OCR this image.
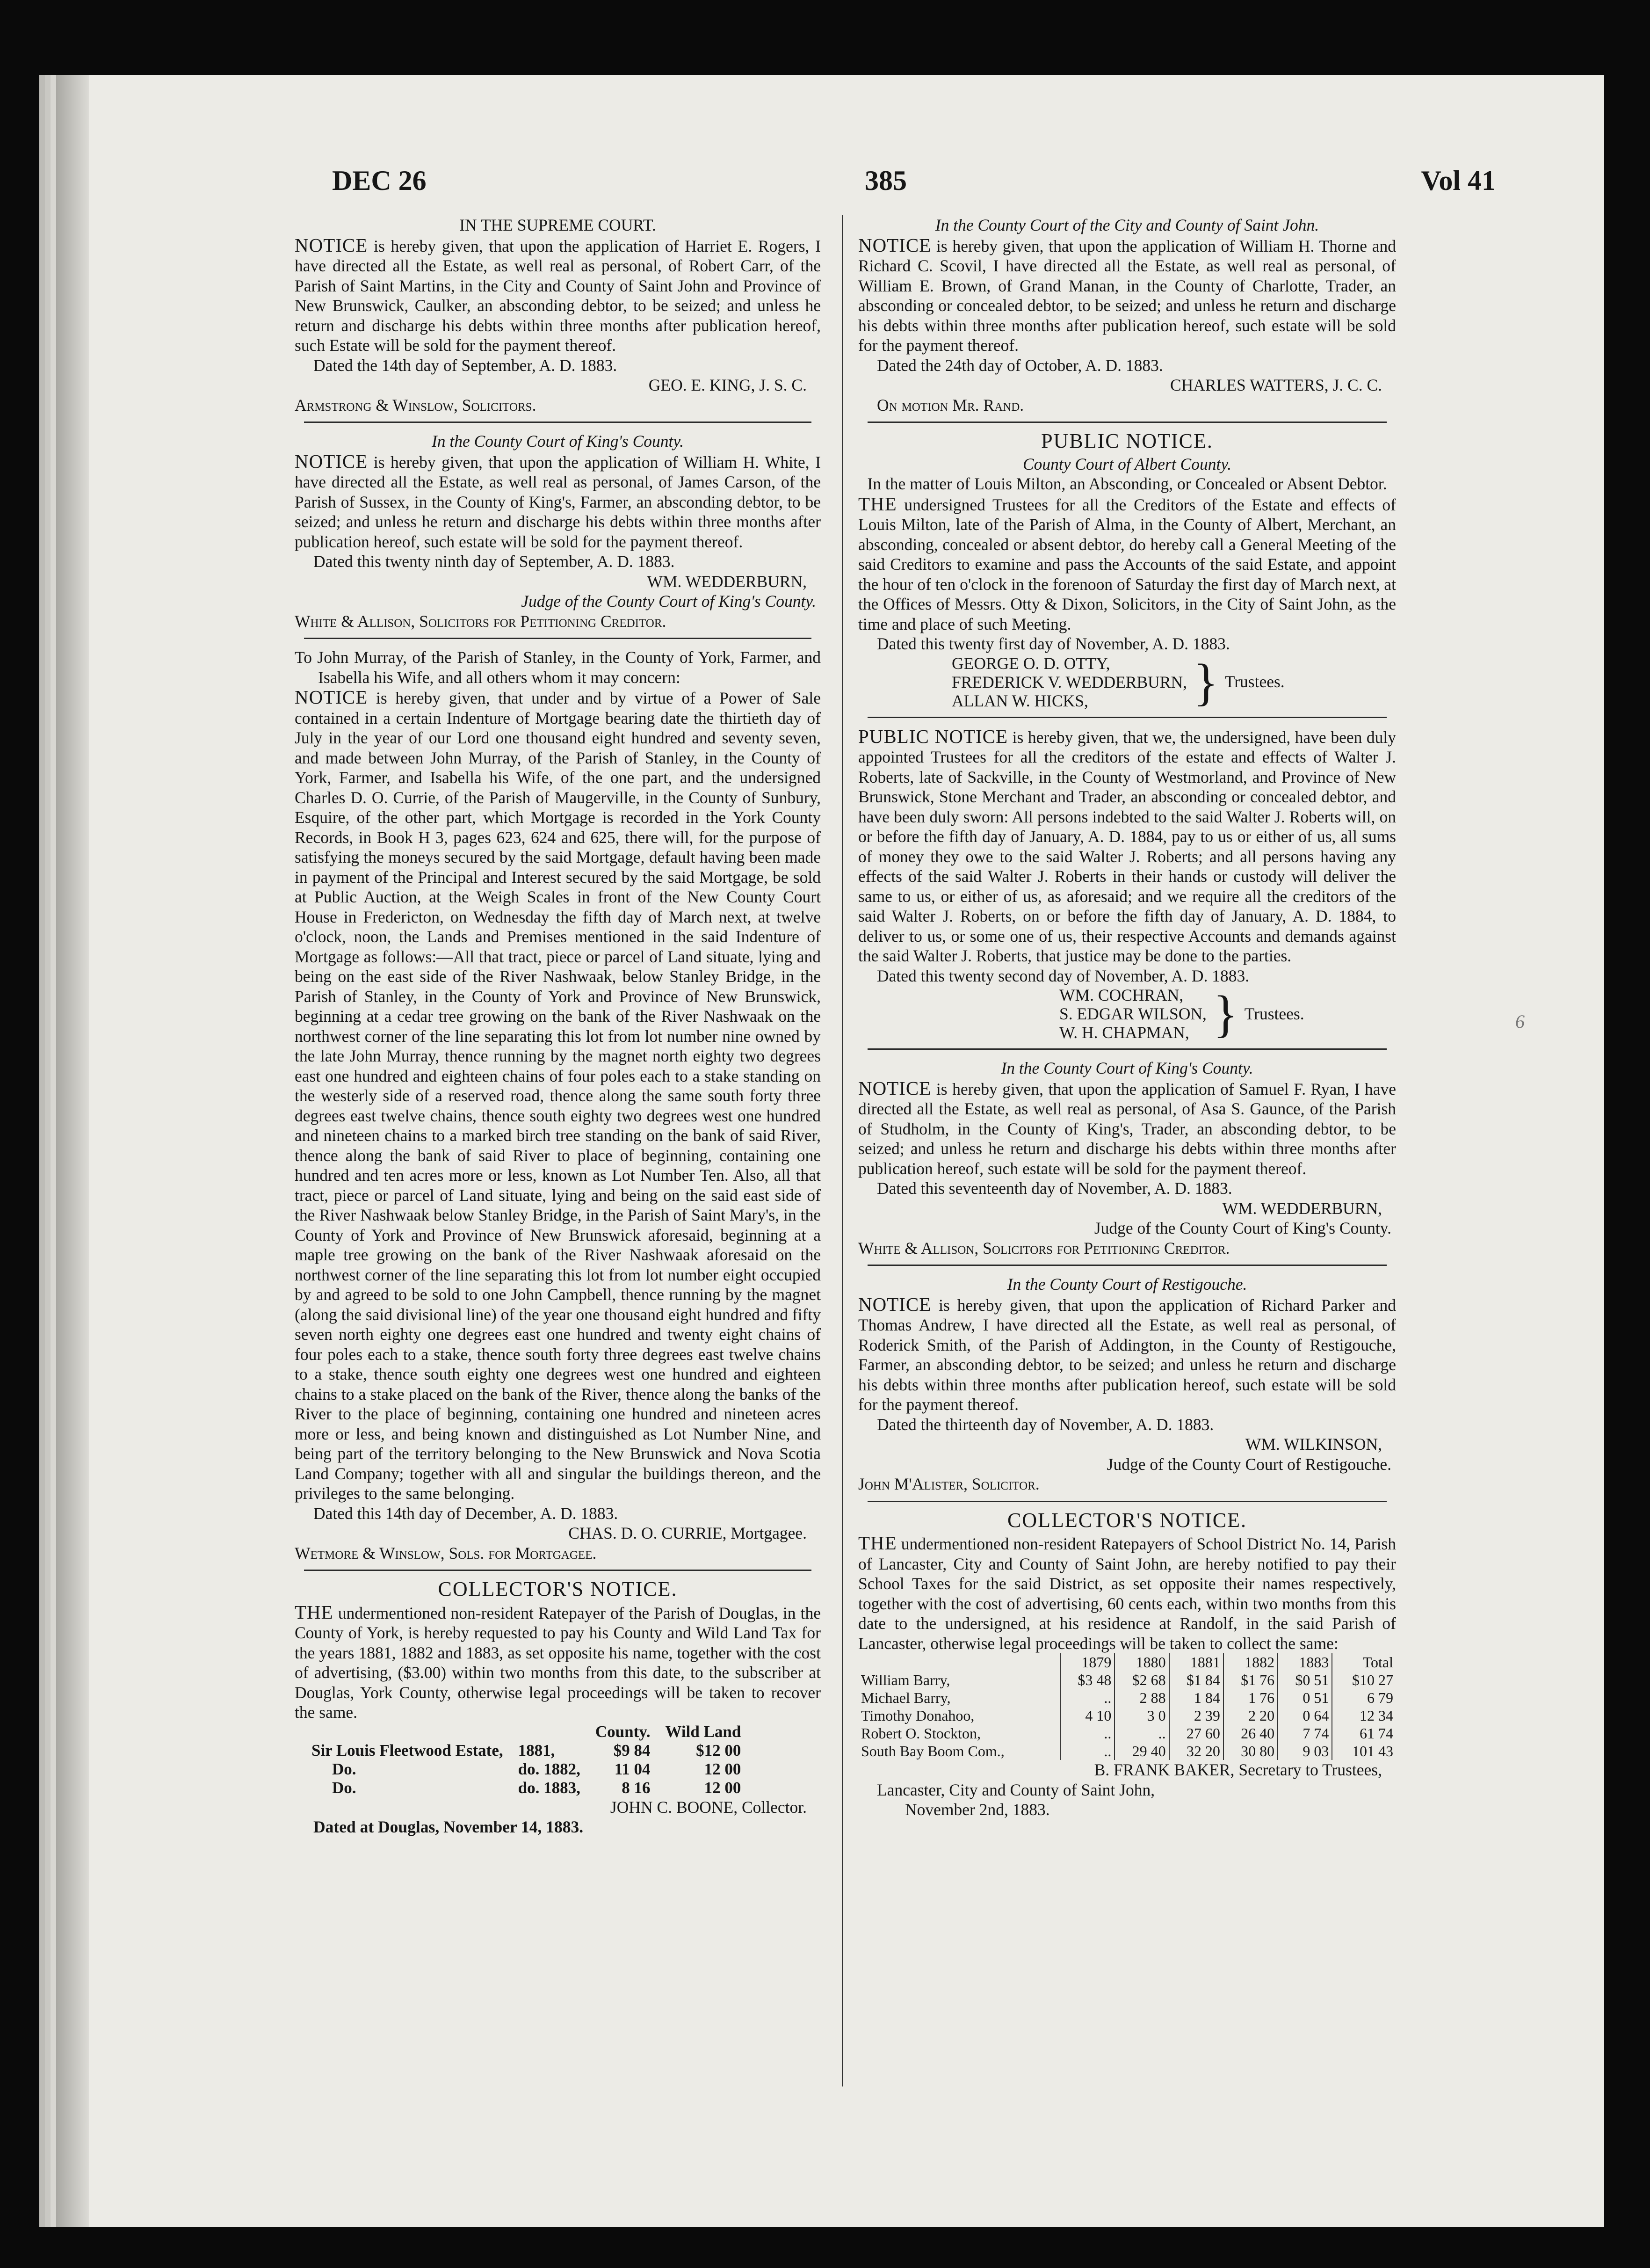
DEC 26	385	Vol 41
IN THE SUPREME COURT.

NOTICE is hereby given, that upon the application of Harriet E. Rogers, I have directed all the Estate, as well real as personal, of Robert Carr, of the Parish of Saint Martins, in the City and County of Saint John and Province of New Brunswick, Caulker, an absconding debtor, to be seized; and unless he return and discharge his debts within three months after publication hereof, such Estate will be sold for the payment thereof.

Dated the 14th day of September, A. D. 1883.
GEO. E. KING, J. S. C.
Armstrong & Winslow, Solicitors.
In the County Court of King's County.

NOTICE is hereby given, that upon the application of William H. White, I have directed all the Estate, as well real as personal, of James Carson, of the Parish of Sussex, in the County of King's, Farmer, an absconding debtor, to be seized; and unless he return and discharge his debts within three months after publication hereof, such estate will be sold for the payment thereof.

Dated this twenty ninth day of September, A. D. 1883.
WM. WEDDERBURN,
Judge of the County Court of King's County.
White & Allison, Solicitors for Petitioning Creditor.

To John Murray, of the Parish of Stanley, in the County of York, Farmer, and Isabella his Wife, and all others whom it may concern:

NOTICE is hereby given, that under and by virtue of a Power of Sale contained in a certain Indenture of Mortgage bearing date the thirtieth day of July in the year of our Lord one thousand eight hundred and seventy seven, and made between John Murray, of the Parish of Stanley, in the County of York, Farmer, and Isabella his Wife, of the one part, and the undersigned Charles D. O. Currie, of the Parish of Maugerville, in the County of Sunbury, Esquire, of the other part, which Mortgage is recorded in the York County Records, in Book H 3, pages 623, 624 and 625, there will, for the purpose of satisfying the moneys secured by the said Mortgage, default having been made in payment of the Principal and Interest secured by the said Mortgage, be sold at Public Auction, at the Weigh Scales in front of the New County Court House in Fredericton, on Wednesday the fifth day of March next, at twelve o'clock, noon, the Lands and Premises mentioned in the said Indenture of Mortgage as follows:—All that tract, piece or parcel of Land situate, lying and being on the east side of the River Nashwaak, below Stanley Bridge, in the Parish of Stanley, in the County of York and Province of New Brunswick, beginning at a cedar tree growing on the bank of the River Nashwaak on the northwest corner of the line separating this lot from lot number nine owned by the late John Murray, thence running by the magnet north eighty two degrees east one hundred and eighteen chains of four poles each to a stake standing on the westerly side of a reserved road, thence along the same south forty three degrees east twelve chains, thence south eighty two degrees west one hundred and nineteen chains to a marked birch tree standing on the bank of said River, thence along the bank of said River to place of beginning, containing one hundred and ten acres more or less, known as Lot Number Ten. Also, all that tract, piece or parcel of Land situate, lying and being on the said east side of the River Nashwaak below Stanley Bridge, in the Parish of Saint Mary's, in the County of York and Province of New Brunswick aforesaid, beginning at a maple tree growing on the bank of the River Nashwaak aforesaid on the northwest corner of the line separating this lot from lot number eight occupied by and agreed to be sold to one John Campbell, thence running by the magnet (along the said divisional line) of the year one thousand eight hundred and fifty seven north eighty one degrees east one hundred and twenty eight chains of four poles each to a stake, thence south forty three degrees east twelve chains to a stake, thence south eighty one degrees west one hundred and eighteen chains to a stake placed on the bank of the River, thence along the banks of the River to the place of beginning, containing one hundred and nineteen acres more or less, and being known and distinguished as Lot Number Nine, and being part of the territory belonging to the New Brunswick and Nova Scotia Land Company; together with all and singular the buildings thereon, and the privileges to the same belonging.

Dated this 14th day of December, A. D. 1883.
CHAS. D. O. CURRIE, Mortgagee.
Wetmore & Winslow, Sols. for Mortgagee.
COLLECTOR'S NOTICE.

THE undermentioned non-resident Ratepayer of the Parish of Douglas, in the County of York, is hereby requested to pay his County and Wild Land Tax for the years 1881, 1882 and 1883, as set opposite his name, together with the cost of advertising, ($3.00) within two months from this date, to the subscriber at Douglas, York County, otherwise legal proceedings will be taken to recover the same.

		County.	Wild Land
Sir Louis Fleetwood Estate,	1881,	$9 84	$12 00
Do.	do. 1882,	11 04	12 00
Do.	do. 1883,	8 16	12 00
JOHN C. BOONE, Collector.
Dated at Douglas, November 14, 1883.
In the County Court of the City and County of Saint John.

NOTICE is hereby given, that upon the application of William H. Thorne and Richard C. Scovil, I have directed all the Estate, as well real as personal, of William E. Brown, of Grand Manan, in the County of Charlotte, Trader, an absconding or concealed debtor, to be seized; and unless he return and discharge his debts within three months after publication hereof, such estate will be sold for the payment thereof.

Dated the 24th day of October, A. D. 1883.
CHARLES WATTERS, J. C. C.
On motion Mr. Rand.
PUBLIC NOTICE.
County Court of Albert County.
In the matter of Louis Milton, an Absconding, or Concealed or Absent Debtor.

THE undersigned Trustees for all the Creditors of the Estate and effects of Louis Milton, late of the Parish of Alma, in the County of Albert, Merchant, an absconding, concealed or absent debtor, do hereby call a General Meeting of the said Creditors to examine and pass the Accounts of the said Estate, and appoint the hour of ten o'clock in the forenoon of Saturday the first day of March next, at the Offices of Messrs. Otty & Dixon, Solicitors, in the City of Saint John, as the time and place of such Meeting.

Dated this twenty first day of November, A. D. 1883.
GEORGE O. D. OTTY,
FREDERICK V. WEDDERBURN,
ALLAN W. HICKS,	} Trustees.

PUBLIC NOTICE is hereby given, that we, the undersigned, have been duly appointed Trustees for all the creditors of the estate and effects of Walter J. Roberts, late of Sackville, in the County of Westmorland, and Province of New Brunswick, Stone Merchant and Trader, an absconding or concealed debtor, and have been duly sworn: All persons indebted to the said Walter J. Roberts will, on or before the fifth day of January, A. D. 1884, pay to us or either of us, all sums of money they owe to the said Walter J. Roberts; and all persons having any effects of the said Walter J. Roberts in their hands or custody will deliver the same to us, or either of us, as aforesaid; and we require all the creditors of the said Walter J. Roberts, on or before the fifth day of January, A. D. 1884, to deliver to us, or some one of us, their respective Accounts and demands against the said Walter J. Roberts, that justice may be done to the parties.

Dated this twenty second day of November, A. D. 1883.
WM. COCHRAN,
S. EDGAR WILSON,
W. H. CHAPMAN, } Trustees.
In the County Court of King's County.

NOTICE is hereby given, that upon the application of Samuel F. Ryan, I have directed all the Estate, as well real as personal, of Asa S. Gaunce, of the Parish of Studholm, in the County of King's, Trader, an absconding debtor, to be seized; and unless he return and discharge his debts within three months after publication hereof, such estate will be sold for the payment thereof.

Dated this seventeenth day of November, A. D. 1883.
WM. WEDDERBURN,
Judge of the County Court of King's County.
White & Allison, Solicitors for Petitioning Creditor.
In the County Court of Restigouche.

NOTICE is hereby given, that upon the application of Richard Parker and Thomas Andrew, I have directed all the Estate, as well real as personal, of Roderick Smith, of the Parish of Addington, in the County of Restigouche, Farmer, an absconding debtor, to be seized; and unless he return and discharge his debts within three months after publication hereof, such estate will be sold for the payment thereof.

Dated the thirteenth day of November, A. D. 1883.
WM. WILKINSON,
Judge of the County Court of Restigouche.
John M'Alister, Solicitor.
COLLECTOR'S NOTICE.

THE undermentioned non-resident Ratepayers of School District No. 14, Parish of Lancaster, City and County of Saint John, are hereby notified to pay their School Taxes for the said District, as set opposite their names respectively, together with the cost of advertising, 60 cents each, within two months from this date to the undersigned, at his residence at Randolf, in the said Parish of Lancaster, otherwise legal proceedings will be taken to collect the same:

	1879	1880	1881	1882	1883	Total
William Barry,	$3 48	$2 68	$1 84	$1 76	$0 51	$10 27
Michael Barry,	..	2 88	1 84	1 76	0 51	6 79
Timothy Donahoo,	4 10	3 0	2 39	2 20	0 64	12 34
Robert O. Stockton,	..	..	27 60	26 40	7 74	61 74
South Bay Boom Com.,	..	29 40	32 20	30 80	9 03	101 43
B. FRANK BAKER, Secretary to Trustees,
Lancaster, City and County of Saint John,
November 2nd, 1883.
6
